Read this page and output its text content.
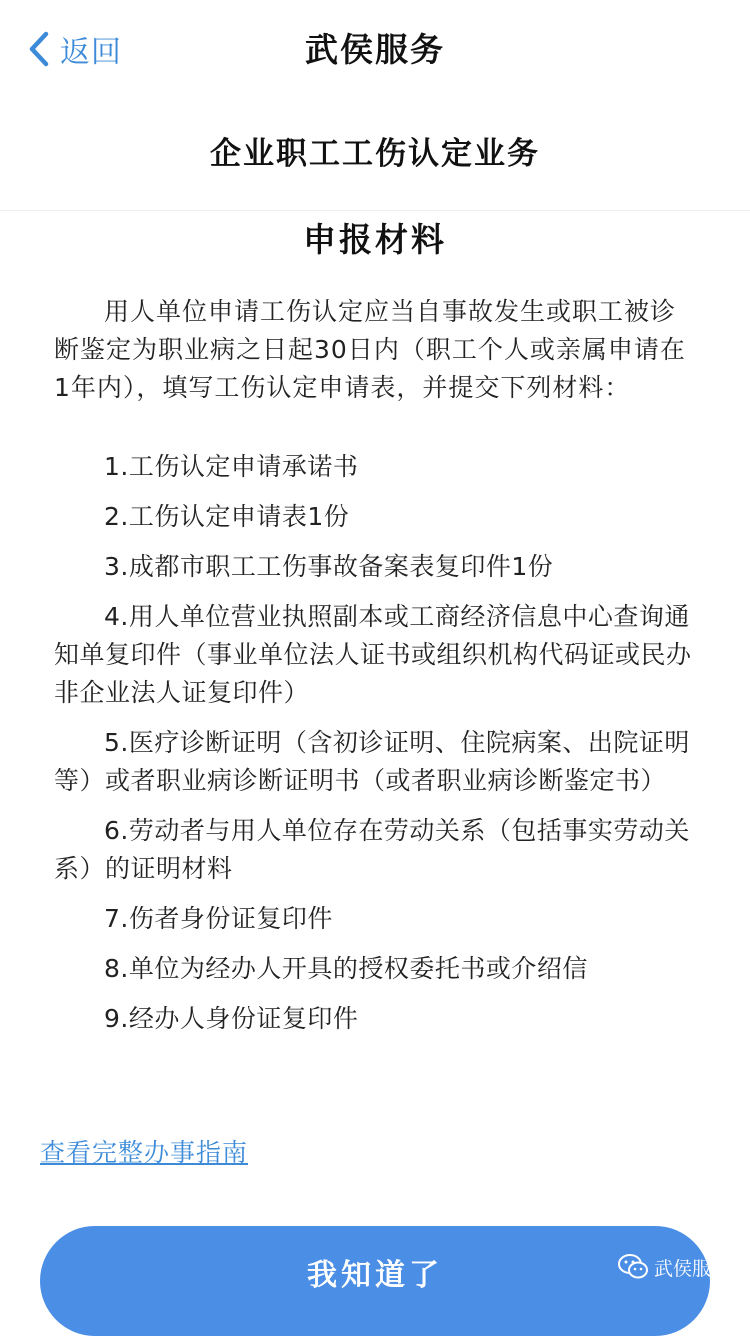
返回	武侯服务
企业职工工伤认定业务
申报材料

用人单位申请工伤认定应当自事故发生或职工被诊断鉴定为职业病之日起30日内（职工个人或亲属申请在1年内），填写工伤认定申请表，并提交下列材料：

1.工伤认定申请承诺书
2.工伤认定申请表1份
3.成都市职工工伤事故备案表复印件1份
4.用人单位营业执照副本或工商经济信息中心查询通知单复印件（事业单位法人证书或组织机构代码证或民办非企业法人证复印件）
5.医疗诊断证明（含初诊证明、住院病案、出院证明等）或者职业病诊断证明书（或者职业病诊断鉴定书）
6.劳动者与用人单位存在劳动关系（包括事实劳动关系）的证明材料
7.伤者身份证复印件
8.单位为经办人开具的授权委托书或介绍信
9.经办人身份证复印件
查看完整办事指南
我知道了	武侯服务
